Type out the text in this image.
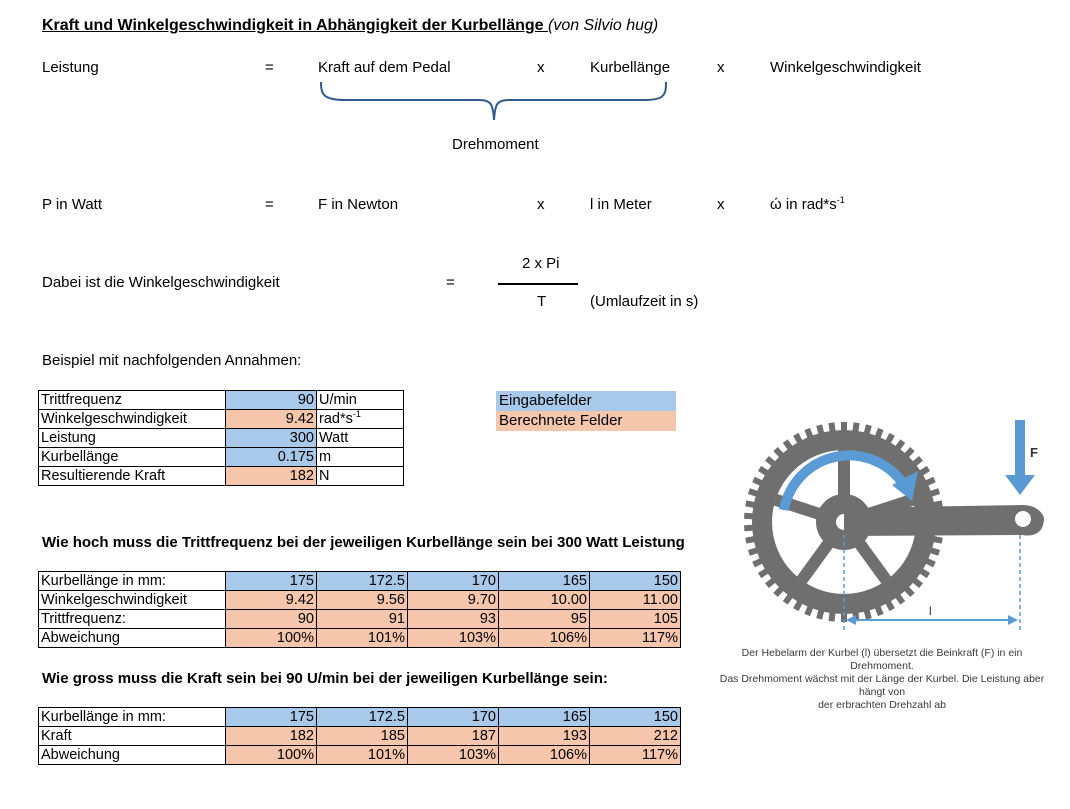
Kraft und Winkelgeschwindigkeit in Abhängigkeit der Kurbellänge (von Silvio hug)
Leistung	=	Kraft auf dem Pedal	x	Kurbellänge	x	Winkelgeschwindigkeit
Drehmoment
P in Watt	=	F in Newton	x	l in Meter	x	ώ in $rad*s^{-1}$
Dabei ist die Winkelgeschwindigkeit	=
2 x Pi
T	(Umlaufzeit in s)
Beispiel mit nachfolgenden Annahmen:
Trittfrequenz	90	U/min
Winkelgeschwindigkeit	9.42	$rad*s^{-1}$
Leistung	300	Watt
Kurbellänge	0.175	m
Resultierende Kraft	182	N
Eingabefelder
Berechnete Felder
Wie hoch muss die Trittfrequenz bei der jeweiligen Kurbellänge sein bei 300 Watt Leistung
Kurbellänge in mm:	175	172.5	170	165	150
Winkelgeschwindigkeit	9.42	9.56	9.70	10.00	11.00
Trittfrequenz:	90	91	93	95	105
Abweichung	100%	101%	103%	106%	117%
Wie gross muss die Kraft sein bei 90 U/min bei der jeweiligen Kurbellänge sein:
Kurbellänge in mm:	175	172.5	170	165	150
Kraft	182	185	187	193	212
Abweichung	100%	101%	103%	106%	117%
F
l
Der Hebelarm der Kurbel (l) übersetzt die Beinkraft (F) in ein Drehmoment.
Das Drehmoment wächst mit der Länge der Kurbel. Die Leistung aber hängt von
der erbrachten Drehzahl ab
